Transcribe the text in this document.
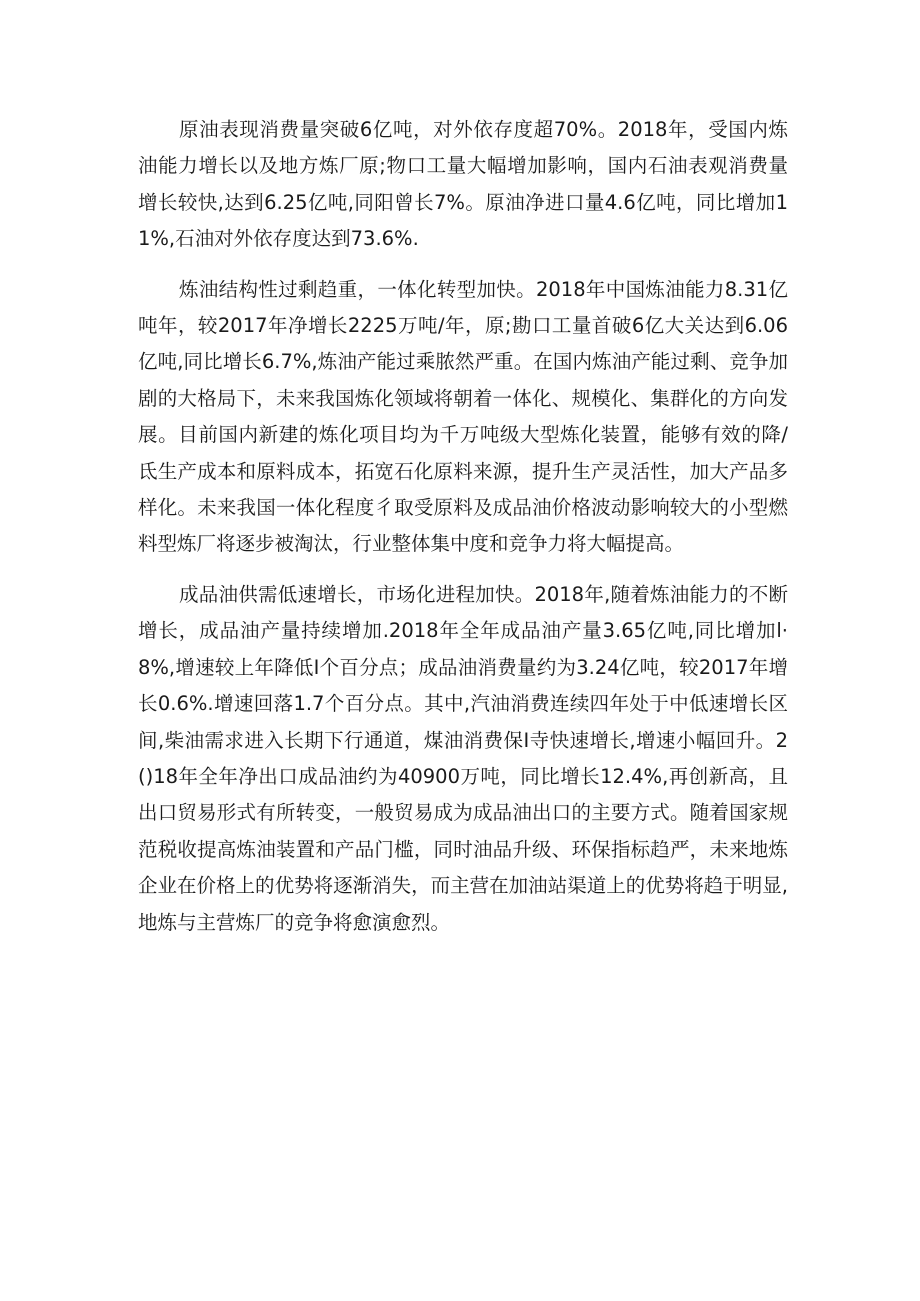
原油表现消费量突破6亿吨，对外依存度超70%。2018年，受国内炼油能力增长以及地方炼厂原;物口工量大幅增加影响，国内石油表观消费量增长较快,达到6.25亿吨,同阳曾长7%。原油净进口量4.6亿吨，同比增加11%,石油对外依存度达到73.6%.

炼油结构性过剩趋重，一体化转型加快。2018年中国炼油能力8.31亿吨年，较2017年净增长2225万吨/年，原;勘口工量首破6亿大关达到6.06亿吨,同比增长6.7%,炼油产能过乘脓然严重。在国内炼油产能过剩、竞争加剧的大格局下，未来我国炼化领域将朝着一体化、规模化、集群化的方向发展。目前国内新建的炼化项目均为千万吨级大型炼化装置，能够有效的降/氐生产成本和原料成本，拓宽石化原料来源，提升生产灵活性，加大产品多样化。未来我国一体化程度彳取受原料及成品油价格波动影响较大的小型燃料型炼厂将逐步被淘汰，行业整体集中度和竞争力将大幅提高。

成品油供需低速增长，市场化进程加快。2018年,随着炼油能力的不断增长，成品油产量持续增加.2018年全年成品油产量3.65亿吨,同比增加l·8%,增速较上年降低I个百分点；成品油消费量约为3.24亿吨，较2017年增长0.6%.增速回落1.7个百分点。其中,汽油消费连续四年处于中低速增长区间,柴油需求进入长期下行通道，煤油消费保I寺快速增长,增速小幅回升。2()18年全年净出口成品油约为40900万吨，同比增长12.4%,再创新高，且出口贸易形式有所转变，一般贸易成为成品油出口的主要方式。随着国家规范税收提高炼油装置和产品门槛，同时油品升级、环保指标趋严，未来地炼企业在价格上的优势将逐渐消失，而主营在加油站渠道上的优势将趋于明显,地炼与主营炼厂的竞争将愈演愈烈。
